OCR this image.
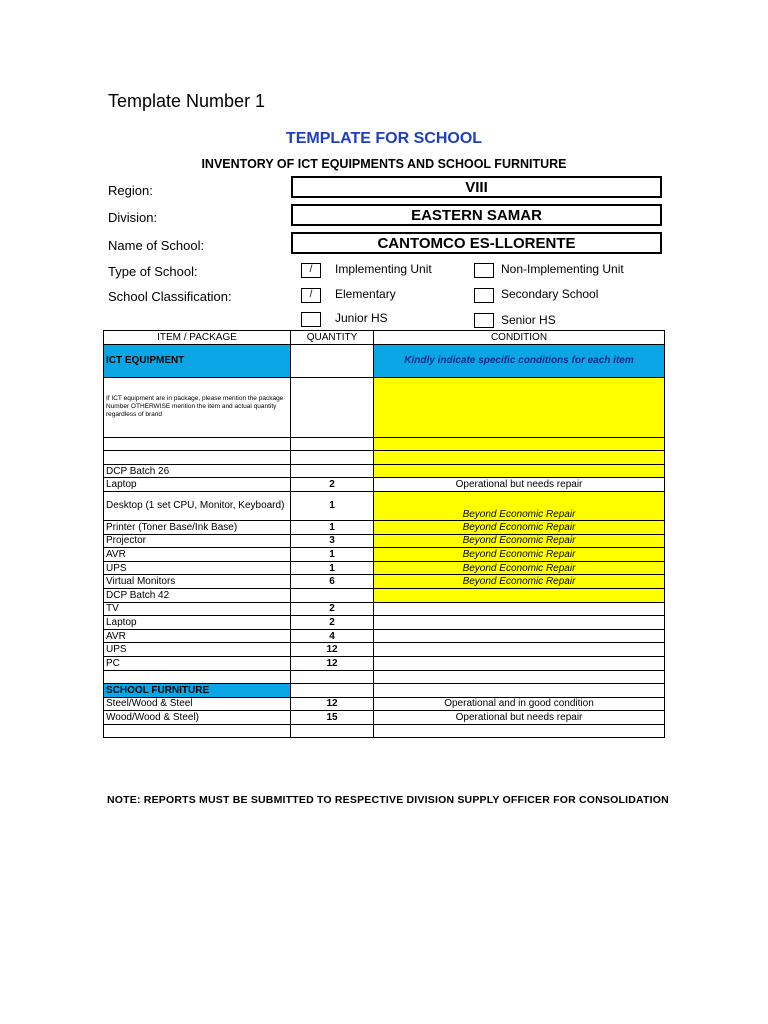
Template Number 1
TEMPLATE FOR SCHOOL
INVENTORY OF ICT EQUIPMENTS AND SCHOOL FURNITURE
Region:	VIII
Division:	EASTERN SAMAR
Name of School:	CANTOMCO ES-LLORENTE
Type of School:
School Classification:
/	Implementing Unit	Non-Implementing Unit
/	Elementary	Secondary School
Junior HS	Senior HS
ITEM / PACKAGE	QUANTITY	CONDITION
ICT EQUIPMENT		Kindly indicate specific conditions for each item
If ICT equipment are in package, please mention the package Number OTHERWISE mention the item and actual quantity regardless of brand		

DCP Batch 26		
Laptop	2	Operational but needs repair
Desktop (1 set CPU, Monitor, Keyboard)	1	Beyond Economic Repair
Printer (Toner Base/Ink Base)	1	Beyond Economic Repair
Projector	3	Beyond Economic Repair
AVR	1	Beyond Economic Repair
UPS	1	Beyond Economic Repair
Virtual Monitors	6	Beyond Economic Repair
DCP Batch 42		
TV	2	
Laptop	2	
AVR	4	
UPS	12	
PC	12	

SCHOOL FURNITURE		
Steel/Wood & Steel	12	Operational and in good condition
Wood/Wood & Steel)	15	Operational but needs repair

NOTE: REPORTS MUST BE SUBMITTED TO RESPECTIVE DIVISION SUPPLY OFFICER FOR CONSOLIDATION
